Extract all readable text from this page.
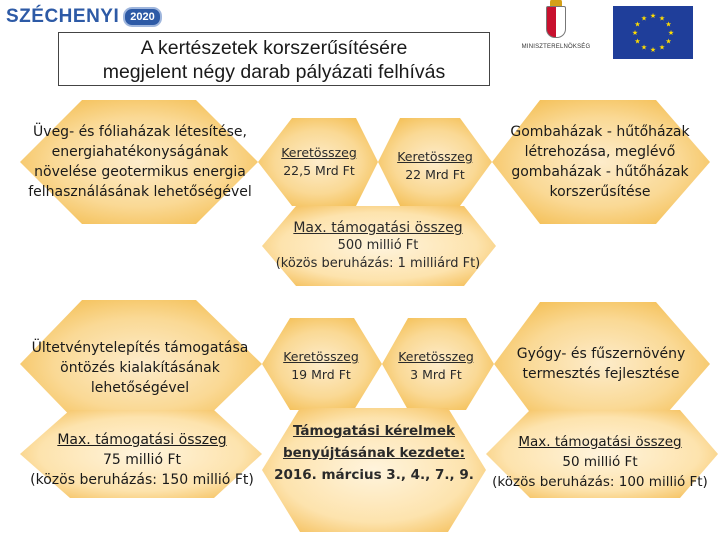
SZÉCHENYI	2020
MINISZTERELNÖKSÉG
★ ★
★
★
★
★
★
★
★
★
★
★
A kertészetek korszerűsítésére
megjelent négy darab pályázati felhívás
Üveg- és fóliaházak létesítése,
energiahatékonyságának
növelése geotermikus energia
felhasználásának lehetőségével
Keretösszeg
22,5 Mrd Ft
Keretösszeg
22 Mrd Ft
Gombaházak - hűtőházak
létrehozása, meglévő
gombaházak - hűtőházak
korszerűsítése
Max. támogatási összeg
500 millió Ft
(közös beruházás: 1 milliárd Ft)
Ültetvénytelepítés támogatása
öntözés kialakításának
lehetőségével
Keretösszeg
19 Mrd Ft
Keretösszeg
3 Mrd Ft
Gyógy- és fűszernövény
termesztés fejlesztése
Max. támogatási összeg
75 millió Ft
(közös beruházás: 150 millió Ft)
Támogatási kérelmek
benyújtásának kezdete:
2016. március 3., 4., 7., 9.
Max. támogatási összeg
50 millió Ft
(közös beruházás: 100 millió Ft)
